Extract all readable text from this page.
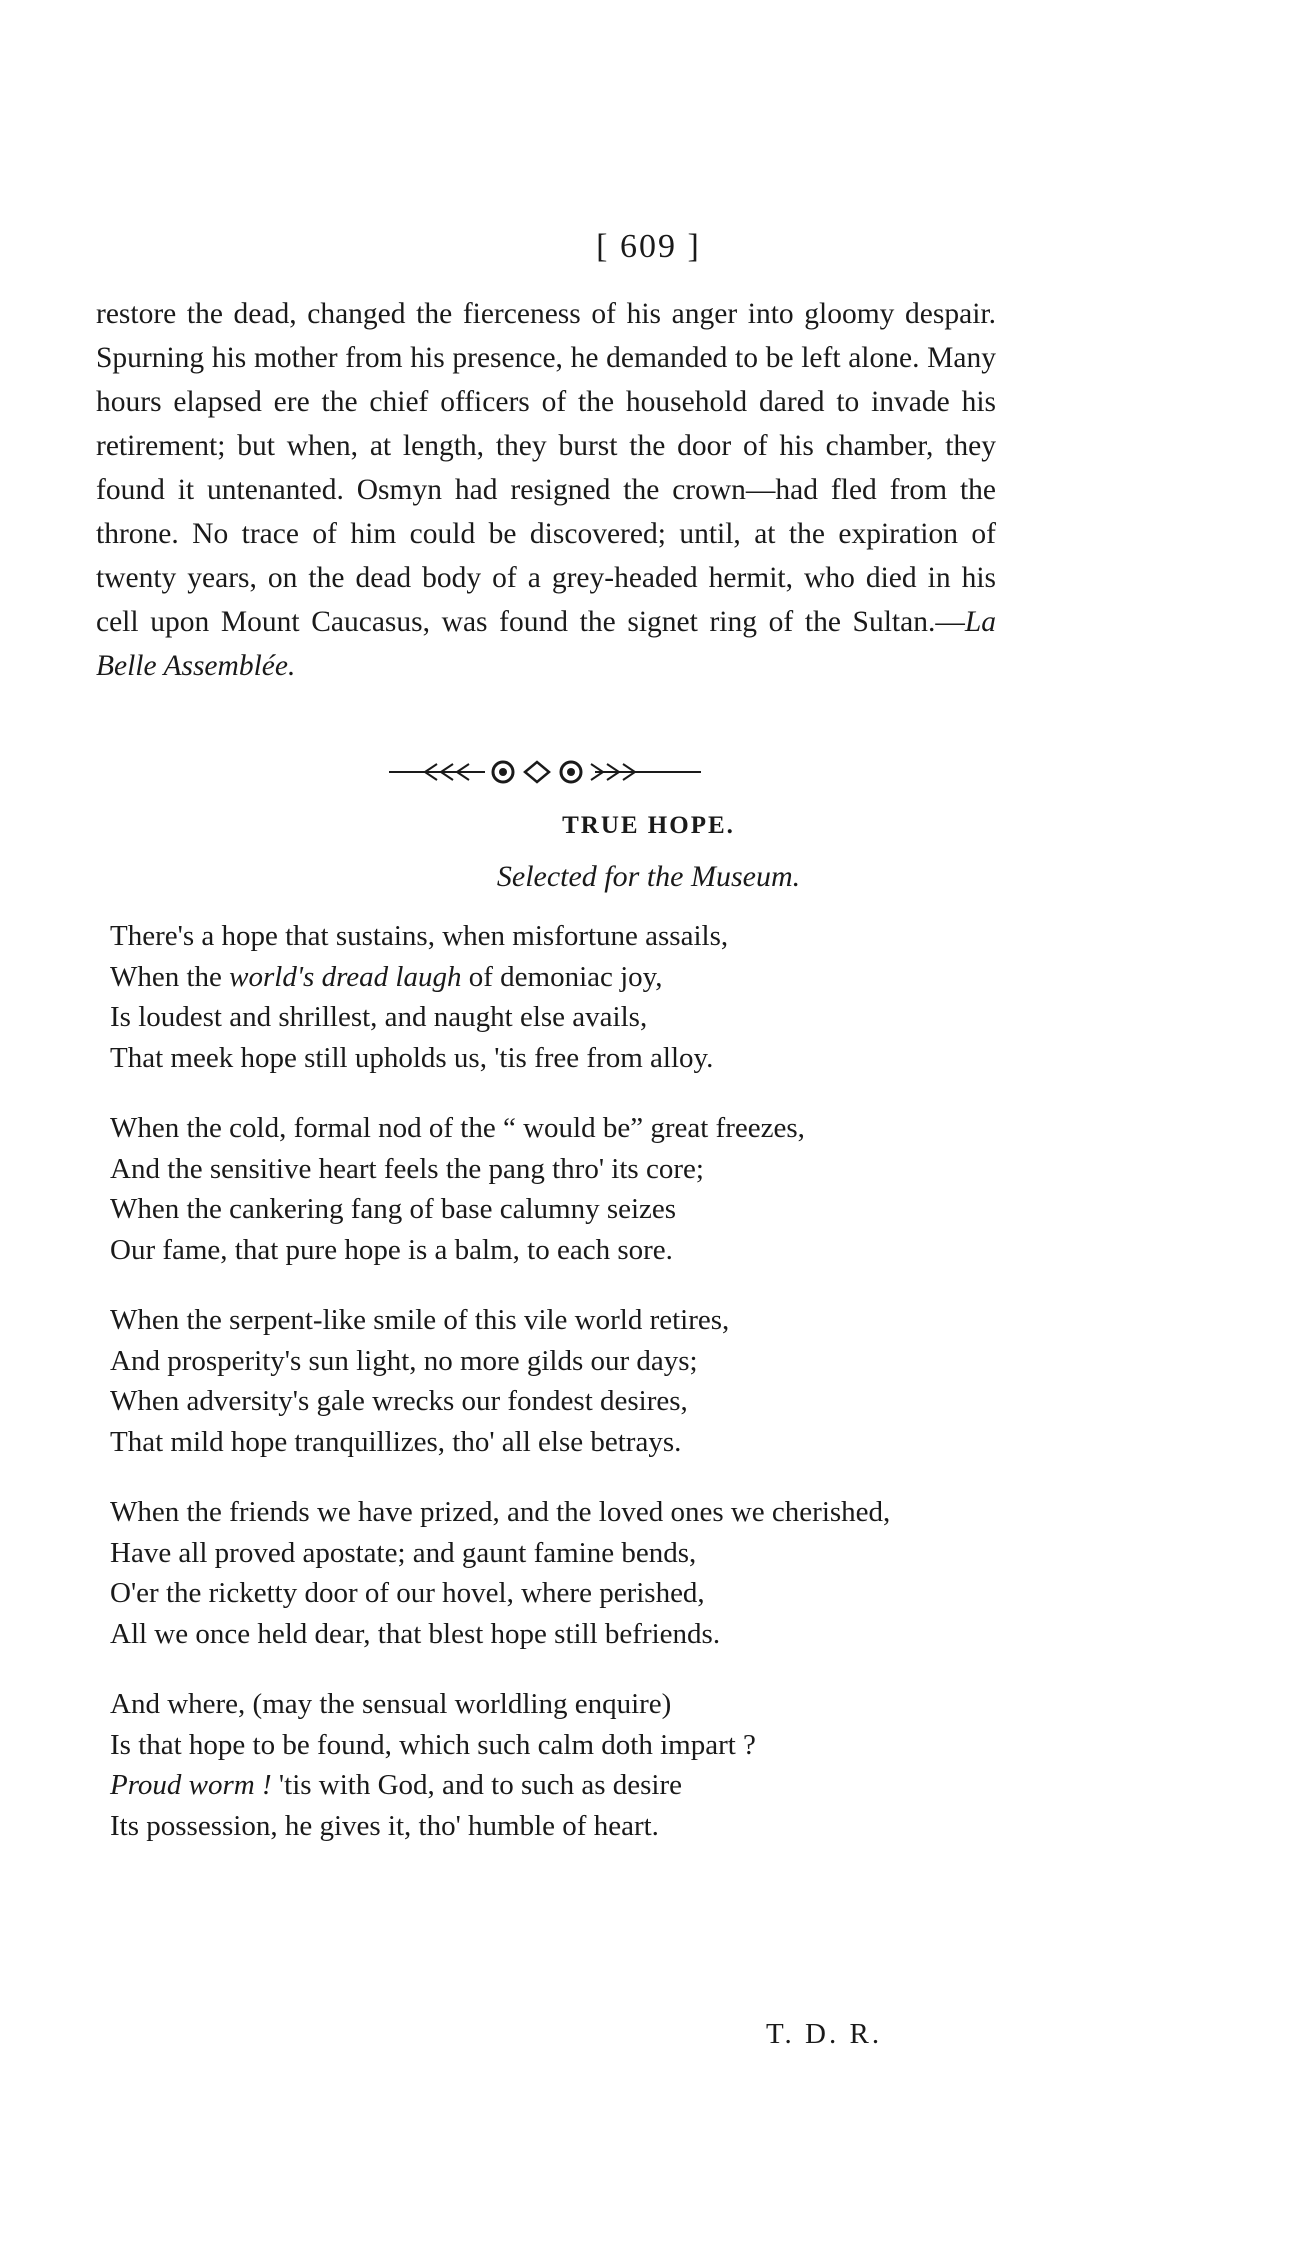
[ 609 ]

restore the dead, changed the fierceness of his anger into gloomy despair. Spurning his mother from his presence, he demanded to be left alone. Many hours elapsed ere the chief officers of the household dared to invade his retirement; but when, at length, they burst the door of his chamber, they found it untenanted. Osmyn had resigned the crown—had fled from the throne. No trace of him could be discovered; until, at the expiration of twenty years, on the dead body of a grey-headed hermit, who died in his cell upon Mount Caucasus, was found the signet ring of the Sultan.—La Belle Assemblée.

TRUE HOPE.
Selected for the Museum.
There's a hope that sustains, when misfortune assails,
When the world's dread laugh of demoniac joy,
Is loudest and shrillest, and naught else avails,
That meek hope still upholds us, 'tis free from alloy.
When the cold, formal nod of the “ would be” great freezes,
And the sensitive heart feels the pang thro' its core;
When the cankering fang of base calumny seizes
Our fame, that pure hope is a balm, to each sore.
When the serpent-like smile of this vile world retires,
And prosperity's sun light, no more gilds our days;
When adversity's gale wrecks our fondest desires,
That mild hope tranquillizes, tho' all else betrays.
When the friends we have prized, and the loved ones we cherished,
Have all proved apostate; and gaunt famine bends,
O'er the ricketty door of our hovel, where perished,
All we once held dear, that blest hope still befriends.
And where, (may the sensual worldling enquire)
Is that hope to be found, which such calm doth impart ?
Proud worm ! 'tis with God, and to such as desire
Its possession, he gives it, tho' humble of heart.
T. D. R.
